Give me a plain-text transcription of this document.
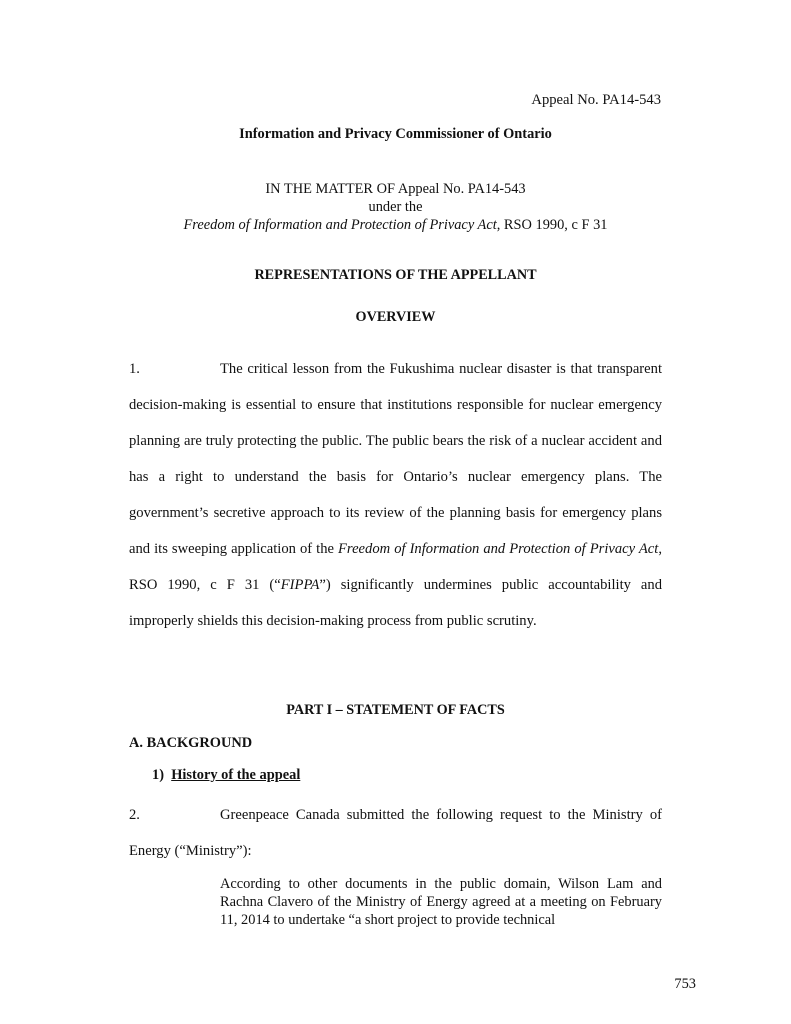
Appeal No. PA14-543

Information and Privacy Commissioner of Ontario

IN THE MATTER OF Appeal No. PA14-543
under the
Freedom of Information and Protection of Privacy Act, RSO 1990, c F 31

REPRESENTATIONS OF THE APPELLANT

OVERVIEW

1.	The critical lesson from the Fukushima nuclear disaster is that transparent decision-making is essential to ensure that institutions responsible for nuclear emergency planning are truly protecting the public. The public bears the risk of a nuclear accident and has a right to understand the basis for Ontario’s nuclear emergency plans. The government’s secretive approach to its review of the planning basis for emergency plans and its sweeping application of the Freedom of Information and Protection of Privacy Act, RSO 1990, c F 31 (“FIPPA”) significantly undermines public accountability and improperly shields this decision-making process from public scrutiny.

PART I – STATEMENT OF FACTS

A. BACKGROUND

1) History of the appeal

2.	Greenpeace Canada submitted the following request to the Ministry of Energy (“Ministry”):

According to other documents in the public domain, Wilson Lam and Rachna Clavero of the Ministry of Energy agreed at a meeting on February 11, 2014 to undertake “a short project to provide technical

753
